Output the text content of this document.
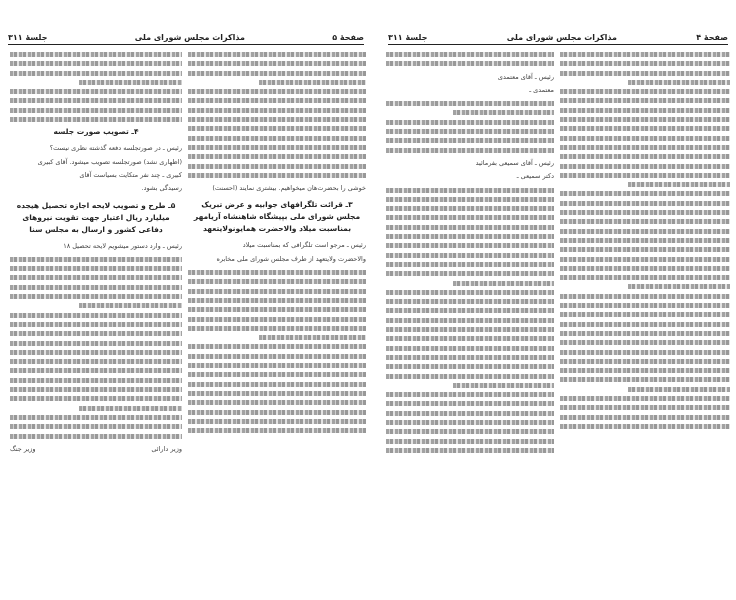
صفحهٔ ۵
مذاکرات مجلس شورای ملی
جلسهٔ ۳۱۱
خوشی را بحضرت‌ها‌ن میخواهیم. بیشتری نمایند (احسنت)
۳ـ قرائت تلگرافهای جوابیه و عرض تبریک مجلس شورای ملی بپیشگاه شاهنشاه آریامهر بمناسبت میلاد والاحضرت همایونولایتعهد
رئیس ـ مرجو است تلگرافی که بمناسبت میلاد
والاحضرت ولایتعهد از طرف مجلس شورای ملی مخابره
۴ـ تصویب صورت جلسه
رئیس ـ در صورتجلسه دفعه گذشته نظری نیست؟
(اظهاری نشد) صورتجلسه تصویب میشود. آقای کبیری
کبیری ـ چند نفر متکایت بسیاست آقای
رسیدگی بشود.
۵ـ طرح و تصویب لایحه اجازه تحصیل هیجده میلیارد ریال اعتبار جهت تقویت نیروهای دفاعی کشور و ارسال به مجلس سنا
رئیس ـ وارد دستور میشویم لایحه تحصیل ۱۸
وزیر دارائی
وزیر جنگ
صفحهٔ ۴
مذاکرات مجلس شورای ملی
جلسهٔ ۳۱۱
رئیس ـ آقای معتمدی
معتمدی ـ
رئیس ـ آقای سمیعی بفرمائید
دکتر سمیعی ـ
